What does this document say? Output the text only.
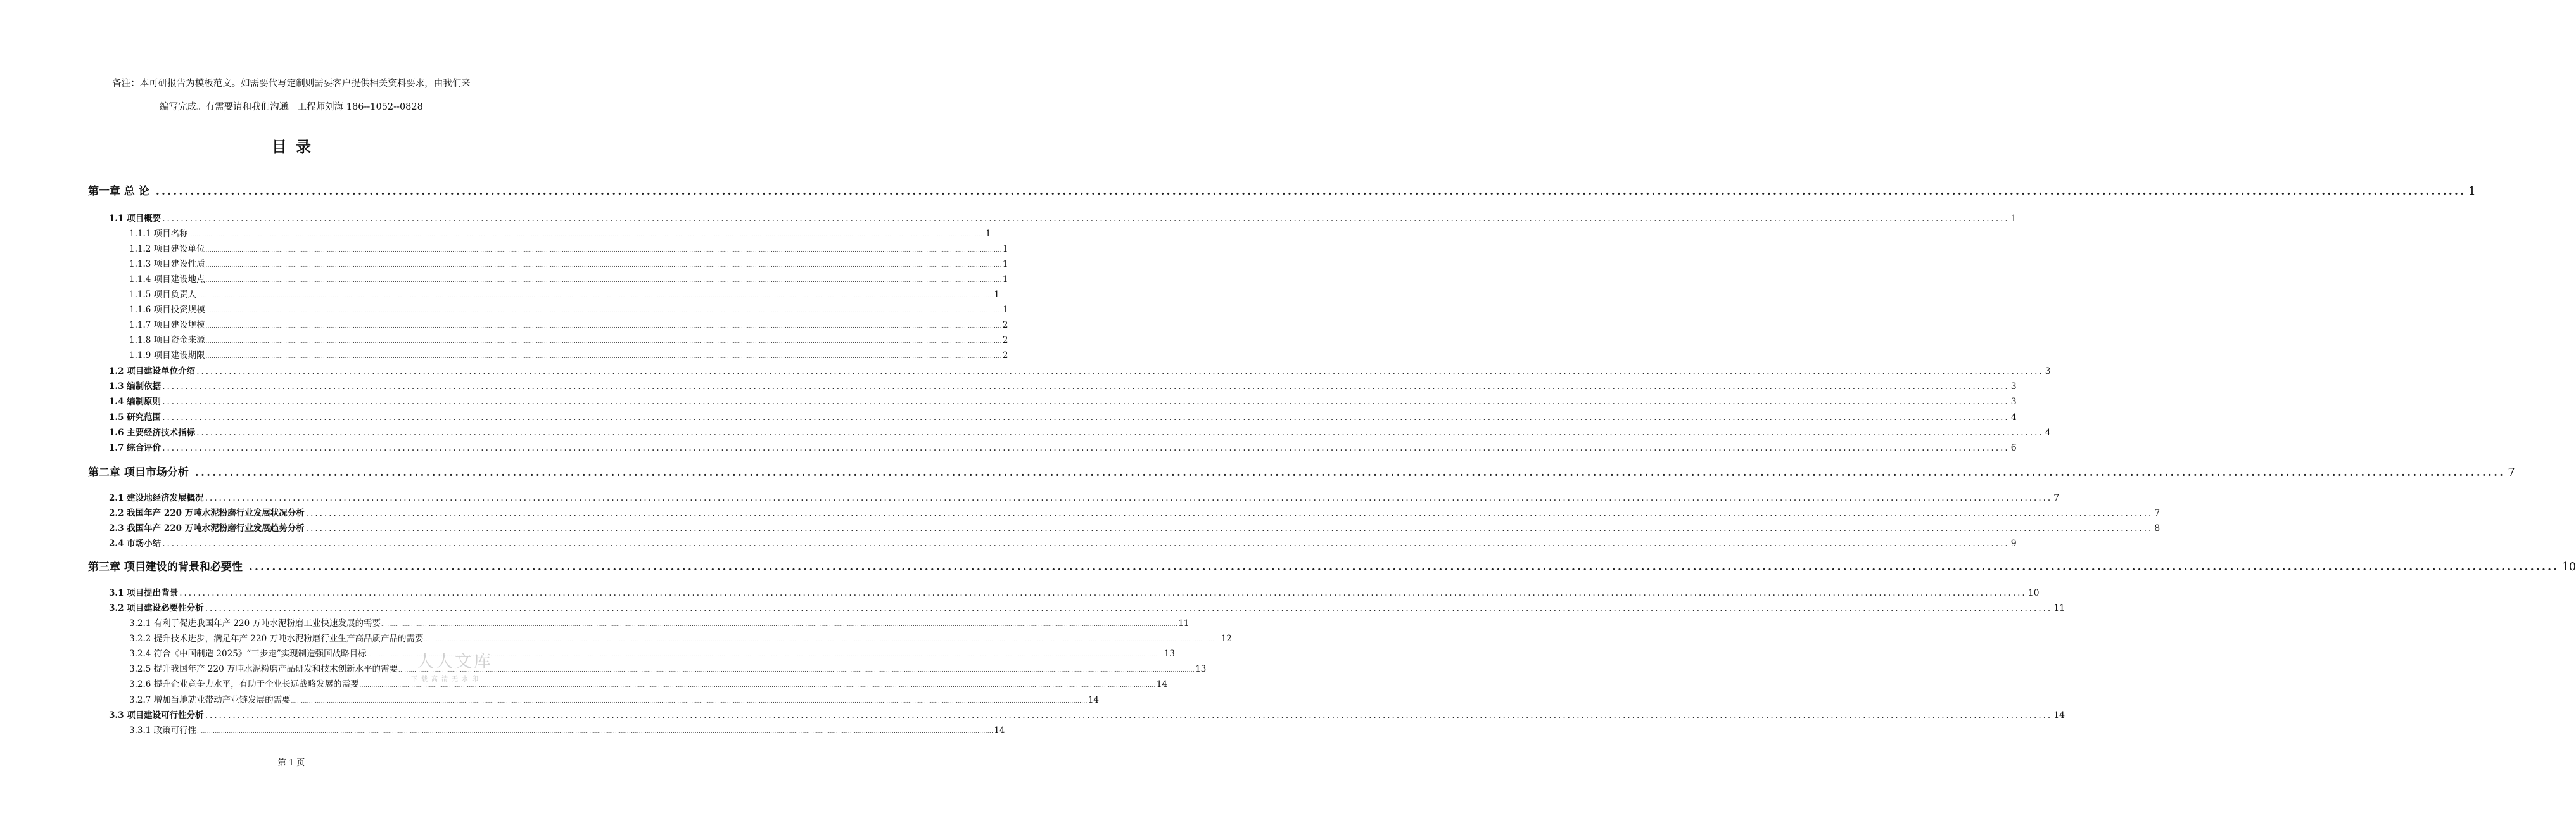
备注：本可研报告为模板范文。如需要代写定制则需要客户提供相关资料要求，由我们来
编写完成。有需要请和我们沟通。工程师刘海 186--1052--0828
目录
第一章 总 论 ................................................................................................................................................................................................................................................................................................................................................................................................................ 1
1.1 项目概要 ................................................................................................................................................................................................................................................................................................................................................................................................................ 1
1.1.1 项目名称 ................................................................................................................................................................................................................................................................................................................................................................................................................ 1
1.1.2 项目建设单位 ................................................................................................................................................................................................................................................................................................................................................................................................................ 1
1.1.3 项目建设性质 ................................................................................................................................................................................................................................................................................................................................................................................................................ 1
1.1.4 项目建设地点 ................................................................................................................................................................................................................................................................................................................................................................................................................ 1
1.1.5 项目负责人 ................................................................................................................................................................................................................................................................................................................................................................................................................ 1
1.1.6 项目投资规模 ................................................................................................................................................................................................................................................................................................................................................................................................................ 1
1.1.7 项目建设规模 ................................................................................................................................................................................................................................................................................................................................................................................................................ 2
1.1.8 项目资金来源 ................................................................................................................................................................................................................................................................................................................................................................................................................ 2
1.1.9 项目建设期限 ................................................................................................................................................................................................................................................................................................................................................................................................................ 2
1.2 项目建设单位介绍 ................................................................................................................................................................................................................................................................................................................................................................................................................ 3
1.3 编制依据 ................................................................................................................................................................................................................................................................................................................................................................................................................ 3
1.4 编制原则 ................................................................................................................................................................................................................................................................................................................................................................................................................ 3
1.5 研究范围 ................................................................................................................................................................................................................................................................................................................................................................................................................ 4
1.6 主要经济技术指标 ................................................................................................................................................................................................................................................................................................................................................................................................................ 4
1.7 综合评价 ................................................................................................................................................................................................................................................................................................................................................................................................................ 6
第二章 项目市场分析 ................................................................................................................................................................................................................................................................................................................................................................................................................ 7
2.1 建设地经济发展概况 ................................................................................................................................................................................................................................................................................................................................................................................................................ 7
2.2 我国年产 220 万吨水泥粉磨行业发展状况分析 ................................................................................................................................................................................................................................................................................................................................................................................................................ 7
2.3 我国年产 220 万吨水泥粉磨行业发展趋势分析 ................................................................................................................................................................................................................................................................................................................................................................................................................ 8
2.4 市场小结 ................................................................................................................................................................................................................................................................................................................................................................................................................ 9
第三章 项目建设的背景和必要性 ................................................................................................................................................................................................................................................................................................................................................................................................................ 10
3.1 项目提出背景 ................................................................................................................................................................................................................................................................................................................................................................................................................ 10
3.2 项目建设必要性分析 ................................................................................................................................................................................................................................................................................................................................................................................................................ 11
3.2.1 有利于促进我国年产 220 万吨水泥粉磨工业快速发展的需要 ................................................................................................................................................................................................................................................................................................................................................................................................................ 11
3.2.2 提升技术进步，满足年产 220 万吨水泥粉磨行业生产高品质产品的需要 ................................................................................................................................................................................................................................................................................................................................................................................................................ 12
3.2.4 符合《中国制造 2025》“三步走”实现制造强国战略目标 ................................................................................................................................................................................................................................................................................................................................................................................................................ 13
3.2.5 提升我国年产 220 万吨水泥粉磨产品研发和技术创新水平的需要 ................................................................................................................................................................................................................................................................................................................................................................................................................ 13
3.2.6 提升企业竞争力水平，有助于企业长远战略发展的需要 ................................................................................................................................................................................................................................................................................................................................................................................................................ 14
3.2.7 增加当地就业带动产业链发展的需要 ................................................................................................................................................................................................................................................................................................................................................................................................................ 14
3.3 项目建设可行性分析 ................................................................................................................................................................................................................................................................................................................................................................................................................ 14
3.3.1 政策可行性 ................................................................................................................................................................................................................................................................................................................................................................................................................ 14
人人文库
下载高清无水印
第 1 页
